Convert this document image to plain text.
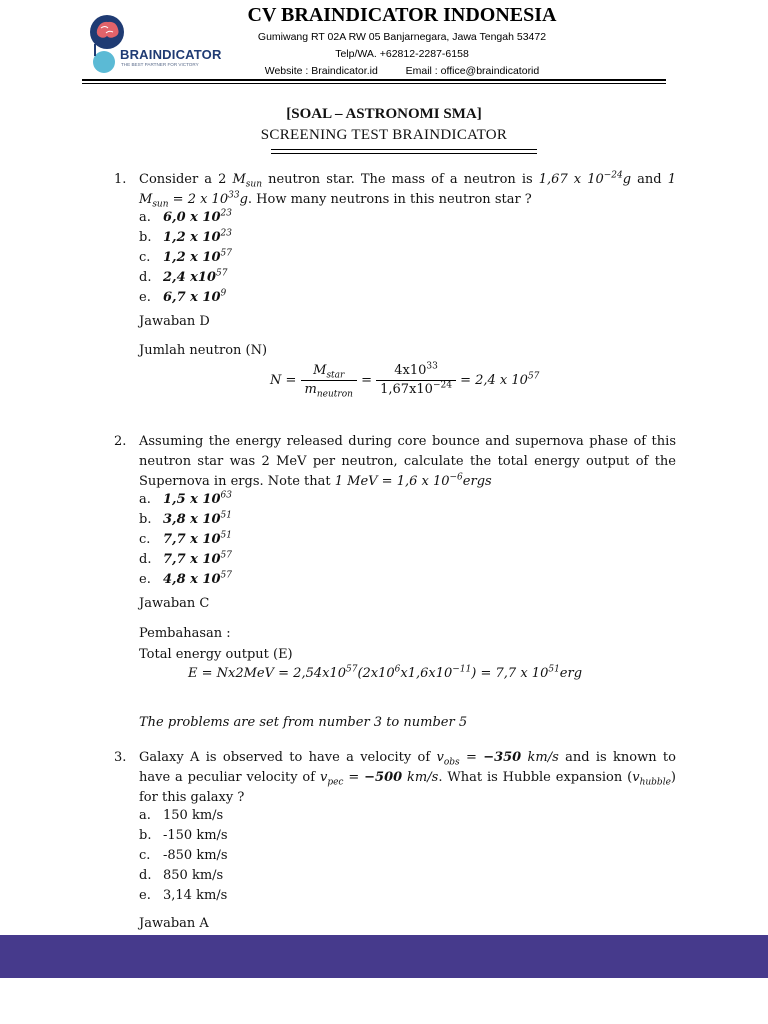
BRAINDICATOR
THE BEST PARTNER FOR VICTORY
CV BRAINDICATOR INDONESIA
Gumiwang RT 02A RW 05 Banjarnegara, Jawa Tengah 53472
Telp/WA. +62812-2287-6158
Website : Braindicator.id	Email : office@braindicatorid
[SOAL – ASTRONOMI SMA]
SCREENING TEST BRAINDICATOR
1. Consider a 2 $M_{sun}$ neutron star. The mass of a neutron is 1,67 x $10^{-24}g$ and 1 $M_{sun} = 2$ x $10^{33}g$. How many neutrons in this neutron star ?
a. 6,0 x $10^{23}$
b. 1,2 x $10^{23}$
c. 1,2 x $10^{57}$
d. 2,4 $x10^{57}$
e. 6,7 x $10^9$
Jawaban D
Jumlah neutron (N)
$N = \frac{M_{star}}{m_{neutron}} = \frac{4x10^{33}}{1,67x10^{-24}} = 2,4$ x $10^{57}$
2. Assuming the energy released during core bounce and supernova phase of this neutron star was 2 MeV per neutron, calculate the total energy output of the Supernova in ergs. Note that 1 MeV = 1,6 x $10^{-6}ergs$
a. 1,5 x $10^{63}$
b. 3,8 x $10^{51}$
c. 7,7 x $10^{51}$
d. 7,7 x $10^{57}$
e. 4,8 x $10^{57}$
Jawaban C
Pembahasan :
Total energy output (E)
$E = Nx2MeV = 2,54x10^{57}(2x10^6x1,6x10^{-11}) = 7,7$ x $10^{51}erg$
The problems are set from number 3 to number 5
3. Galaxy A is observed to have a velocity of $v_{obs} = -350$ km/s and is known to have a peculiar velocity of $v_{pec} = -500$ km/s. What is Hubble expansion $(v_{hubble})$ for this galaxy ?
a. 150 km/s
b. -150 km/s
c. -850 km/s
d. 850 km/s
e. 3,14 km/s
Jawaban A
